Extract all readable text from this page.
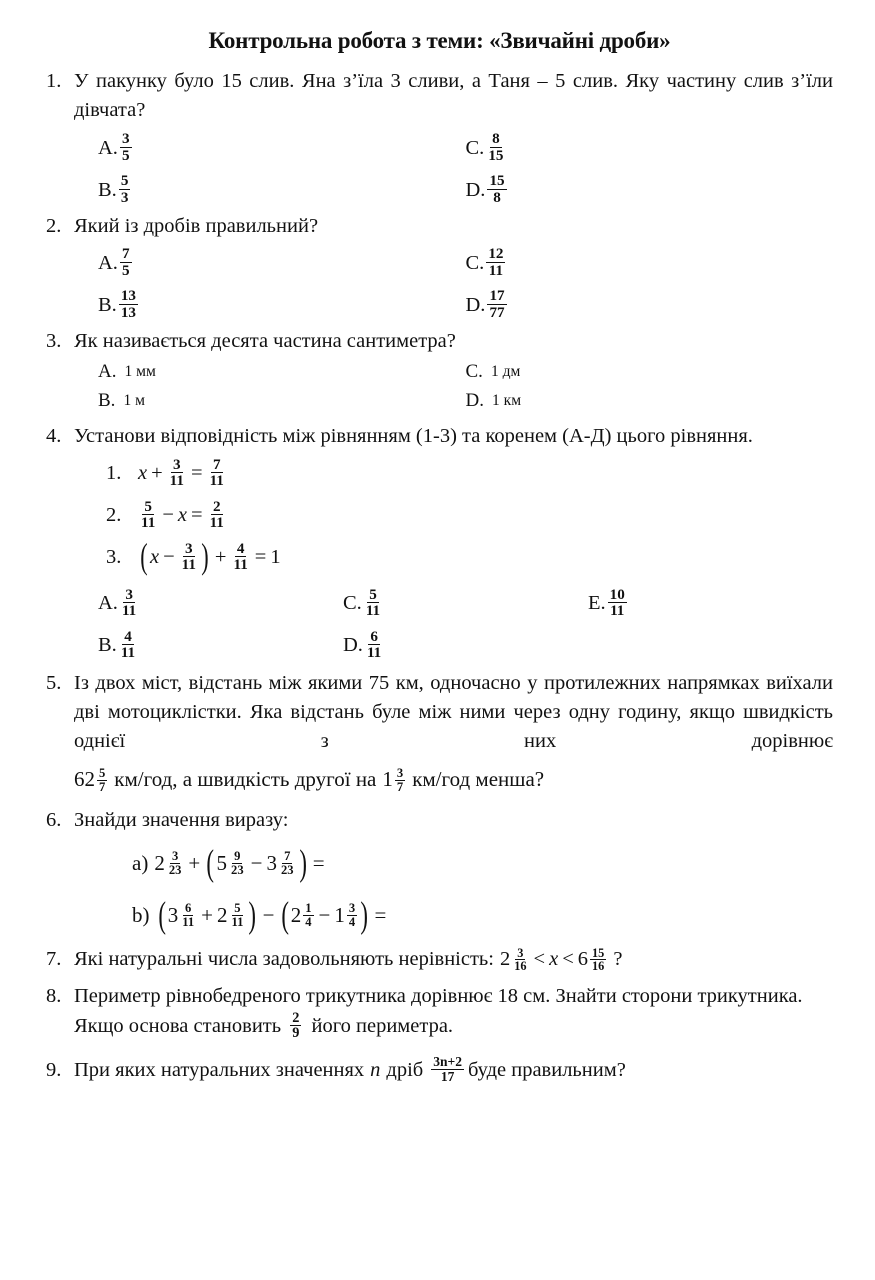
Контрольна робота з теми: «Звичайні дроби»
1. У пакунку було 15 слив. Яна з’їла 3 сливи, а Таня – 5 слив. Яку частину слив з’їли дівчата?
A. $\frac{3}{5}$	C. $\frac{8}{15}$
B. $\frac{5}{3}$	D. $\frac{15}{8}$
2. Який із дробів правильний?
A. $\frac{7}{5}$	C. $\frac{12}{11}$
B. $\frac{13}{13}$	D. $\frac{17}{77}$
3. Як називається десята частина сантиметра?
A. 1 мм	C. 1 дм
B. 1 м	D. 1 км
4. Установи відповідність між рівнянням (1-3) та коренем (А-Д) цього рівняння.
1. $x + \frac{3}{11} = \frac{7}{11}$
2.	$\frac{5}{11} - x = \frac{2}{11}$
3. ( $x - \frac{3}{11}$ ) + $\frac{4}{11} = 1$
A. $\frac{3}{11}$	C. $\frac{5}{11}$	E. $\frac{10}{11}$
B. $\frac{4}{11}$	D. $\frac{6}{11}$
5. Із двох міст, відстань між якими 75 км, одночасно у протилежних напрямках виїхали дві мотоциклістки. Яка відстань буле між ними через одну годину, якщо швидкість однієї з них дорівнює
$62 \frac{5}{7} км/год$, а швидкість другої на $1 \frac{3}{7} км/год$ менша?
6. Знайди значення виразу:
a) $2 \frac{3}{23}$ + ( $5 \frac{9}{23} - 3 \frac{7}{23}$ ) =
b) ( $3 \frac{6}{11} + 2 \frac{5}{11}$ ) − ( $2 \frac{1}{4} - 1 \frac{3}{4}$ ) =
7. Які натуральні числа задовольняють нерівність: $2 \frac{3}{16} < x < 6 \frac{15}{16}$ ?
8. Периметр рівнобедреного трикутника дорівнює 18 см. Знайти сторони трикутника. Якщо основа становить $\frac{2}{9}$ його периметра.
9. При яких натуральних значеннях n дріб $\frac{3n+2}{17}$ буде правильним?
